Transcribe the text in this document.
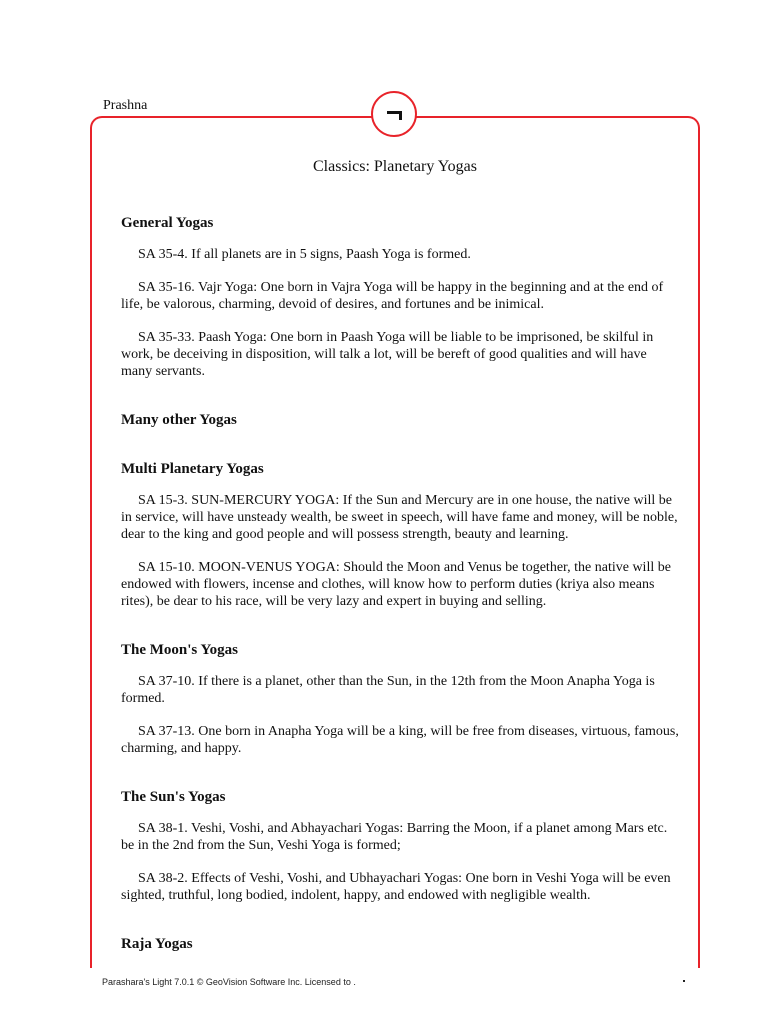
Prashna
Classics: Planetary Yogas
General Yogas

SA 35-4. If all planets are in 5 signs, Paash Yoga is formed.

SA 35-16. Vajr Yoga: One born in Vajra Yoga will be happy in the beginning and at the end of life, be valorous, charming, devoid of desires, and fortunes and be inimical.

SA 35-33. Paash Yoga: One born in Paash Yoga will be liable to be imprisoned, be skilful in work, be deceiving in disposition, will talk a lot, will be bereft of good qualities and will have many servants.

Many other Yogas
Multi Planetary Yogas

SA 15-3. SUN-MERCURY YOGA: If the Sun and Mercury are in one house, the native will be in service, will have unsteady wealth, be sweet in speech, will have fame and money, will be noble, dear to the king and good people and will possess strength, beauty and learning.

SA 15-10. MOON-VENUS YOGA: Should the Moon and Venus be together, the native will be endowed with flowers, incense and clothes, will know how to perform duties (kriya also means rites), be dear to his race, will be very lazy and expert in buying and selling.

The Moon's Yogas

SA 37-10. If there is a planet, other than the Sun, in the 12th from the Moon Anapha Yoga is formed.

SA 37-13. One born in Anapha Yoga will be a king, will be free from diseases, virtuous, famous, charming, and happy.

The Sun's Yogas

SA 38-1. Veshi, Voshi, and Abhayachari Yogas: Barring the Moon, if a planet among Mars etc. be in the 2nd from the Sun, Veshi Yoga is formed;

SA 38-2. Effects of Veshi, Voshi, and Ubhayachari Yogas: One born in Veshi Yoga will be even sighted, truthful, long bodied, indolent, happy, and endowed with negligible wealth.

Raja Yogas
Parashara's Light 7.0.1 © GeoVision Software Inc. Licensed to .
